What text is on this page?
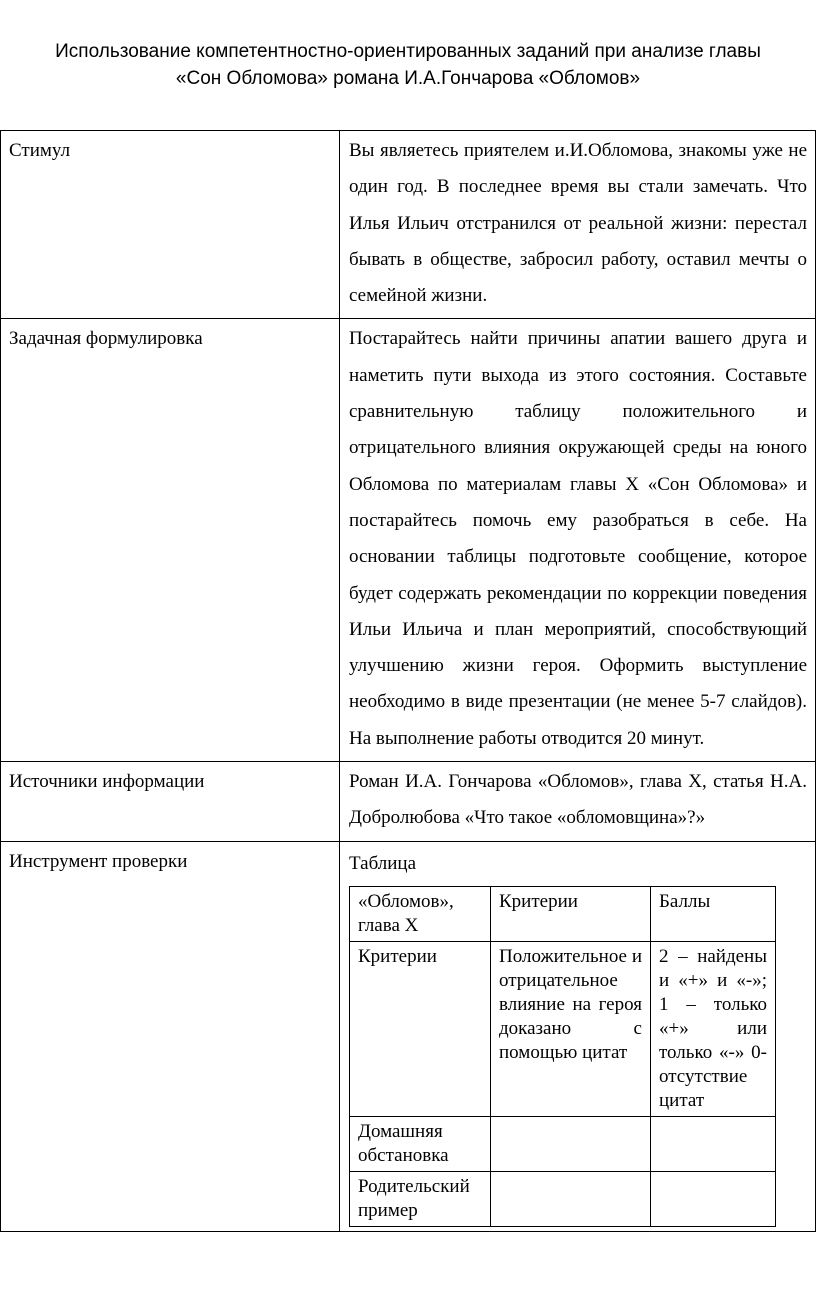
Использование компетентностно-ориентированных заданий при анализе главы
«Сон Обломова» романа И.А.Гончарова «Обломов»
Стимул	Вы являетесь приятелем и.И.Обломова, знакомы уже не один год. В последнее время вы стали замечать. Что Илья Ильич отстранился от реальной жизни: перестал бывать в обществе, забросил работу, оставил мечты о семейной жизни.
Задачная формулировка	Постарайтесь найти причины апатии вашего друга и наметить пути выхода из этого состояния. Составьте сравнительную таблицу положительного и отрицательного влияния окружающей среды на юного Обломова по материалам главы X «Сон Обломова» и постарайтесь помочь ему разобраться в себе. На основании таблицы подготовьте сообщение, которое будет содержать рекомендации по коррекции поведения Ильи Ильича и план мероприятий, способствующий улучшению жизни героя. Оформить выступление необходимо в виде презентации (не менее 5-7 слайдов). На выполнение работы отводится 20 минут.
Источники информации	Роман И.А. Гончарова «Обломов», глава X, статья Н.А. Добролюбова «Что такое «обломовщина»?»
Инструмент проверки	Таблица
«Обломов», глава X	Критерии	Баллы
Критерии	Положительное и отрицательное влияние на героя доказано с помощью цитат	2 – найдены и «+» и «-»; 1 – только «+» или только «-» 0- отсутствие цитат
Домашняя обстановка		
Родительский пример		
